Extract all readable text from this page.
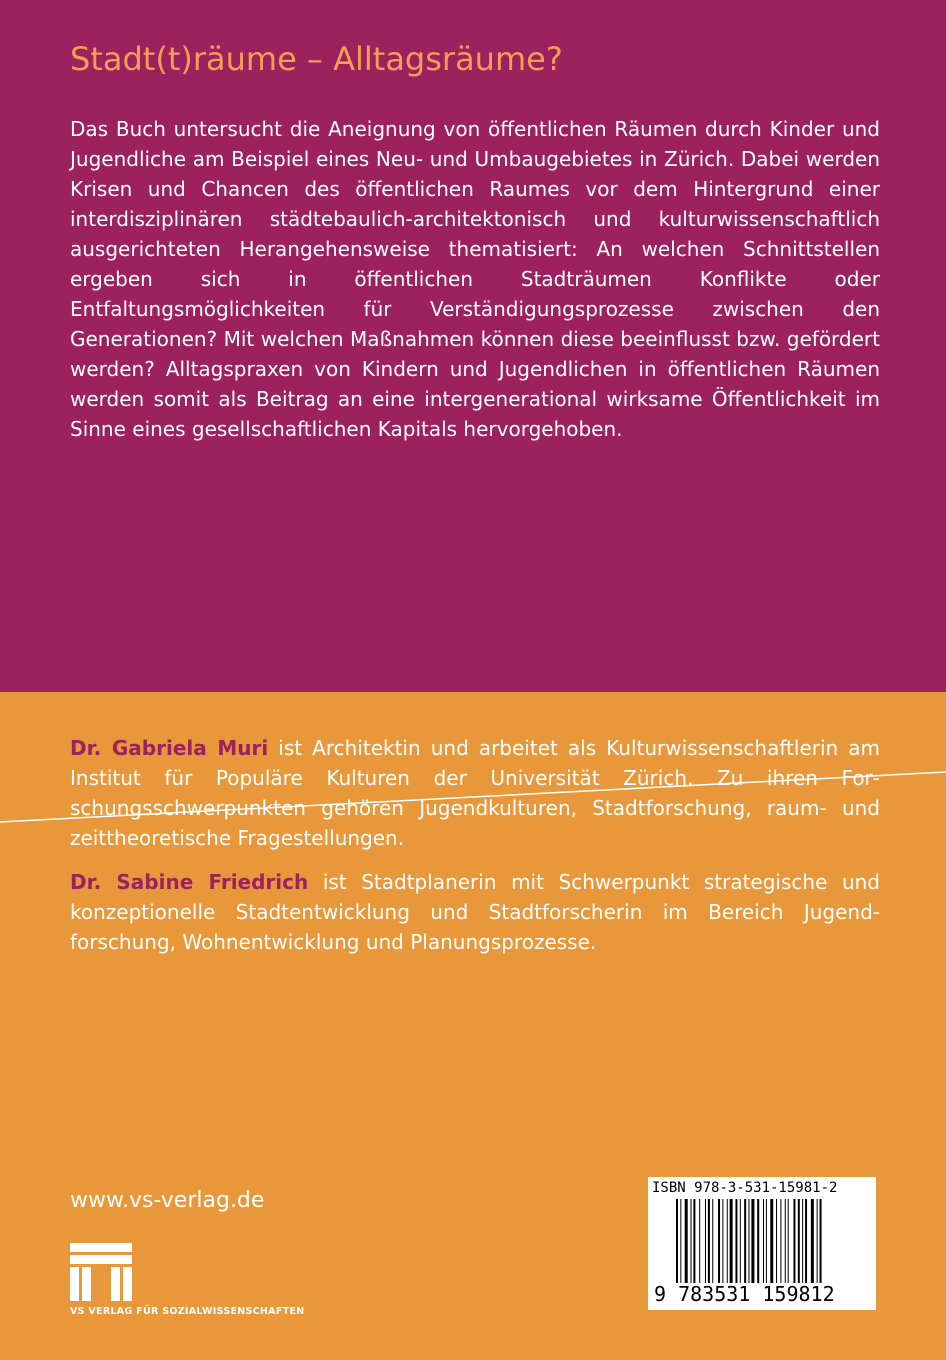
Stadt(t)räume – Alltagsräume?

Das Buch untersucht die Aneignung von öffentlichen Räumen durch Kinder und Jugendliche am Beispiel eines Neu- und Umbaugebietes in Zürich. Dabei werden Krisen und Chancen des öffentlichen Raumes vor dem Hintergrund einer interdisziplinären städtebaulich-architektonisch und kulturwissenschaftlich ausgerichteten Herangehensweise thematisiert: An welchen Schnittstellen ergeben sich in öffentlichen Stadträumen Konflikte oder Entfaltungsmöglichkeiten für Verständigungsprozesse zwischen den Generationen? Mit welchen Maßnahmen können diese beeinflusst bzw. gefördert werden? Alltagspraxen von Kindern und Jugendlichen in öffentlichen Räumen werden somit als Beitrag an eine intergenerational wirksame Öffentlichkeit im Sinne eines gesellschaftlichen Kapitals hervorgehoben.

Dr. Gabriela Muri ist Architektin und arbeitet als Kulturwissenschaftlerin am Institut für Populäre Kulturen der Universität Zürich. Zu ihren Forschungsschwerpunkten gehören Jugendkulturen, Stadtforschung, raum- und zeittheoretische Fragestellungen.

Dr. Sabine Friedrich ist Stadtplanerin mit Schwerpunkt strategische und konzeptionelle Stadtentwicklung und Stadtforscherin im Bereich Jugendforschung, Wohnentwicklung und Planungsprozesse.

www.vs-verlag.de
VS VERLAG FÜR SOZIALWISSENSCHAFTEN
ISBN 978-3-531-15981-2
9 783531 159812
